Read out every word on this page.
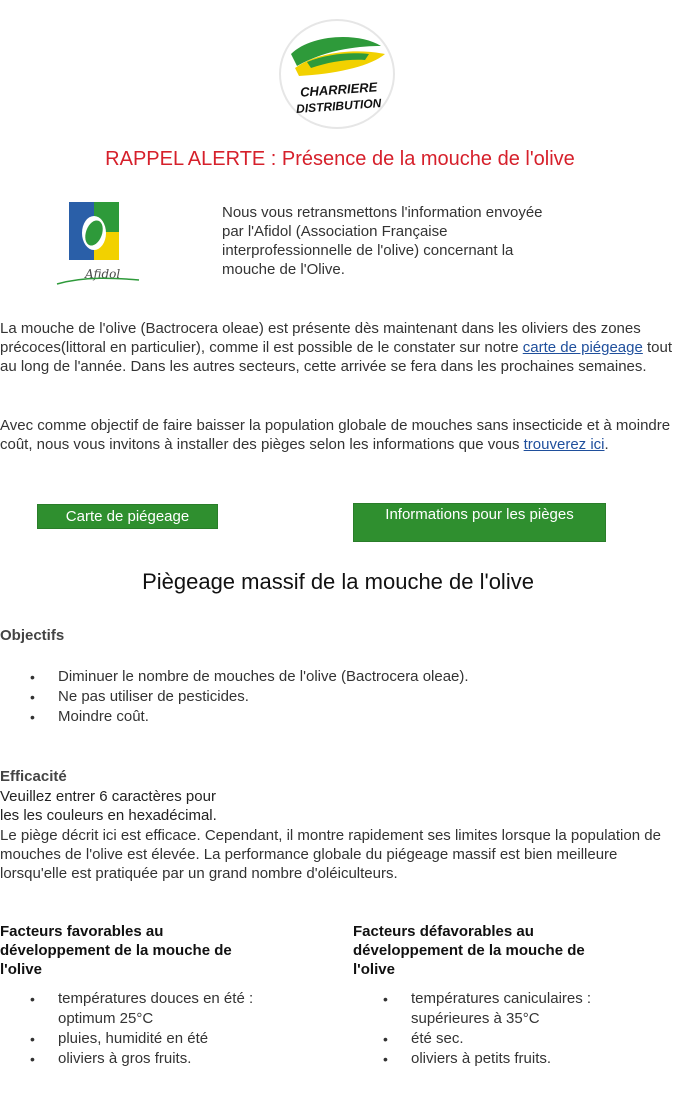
CHARRIERE
DISTRIBUTION
RAPPEL ALERTE : Présence de la mouche de l'olive
Afidol
Nous vous retransmettons l'information envoyée par l'Afidol (Association Française interprofessionnelle de l'olive) concernant la mouche de l'Olive.
La mouche de l'olive (Bactrocera oleae) est présente dès maintenant dans les oliviers des zones précoces(littoral en particulier), comme il est possible de le constater sur notre carte de piégeage tout au long de l'année. Dans les autres secteurs, cette arrivée se fera dans les prochaines semaines.
Avec comme objectif de faire baisser la population globale de mouches sans insecticide et à moindre coût, nous vous invitons à installer des pièges selon les informations que vous trouverez ici.
Carte de piégeage	Informations pour les pièges
Piègeage massif de la mouche de l'olive
Objectifs
• Diminuer le nombre de mouches de l'olive (Bactrocera oleae).
• Ne pas utiliser de pesticides.
• Moindre coût.
Efficacité
Veuillez entrer 6 caractères pour
les les couleurs en hexadécimal.
Le piège décrit ici est efficace. Cependant, il montre rapidement ses limites lorsque la population de mouches de l'olive est élevée. La performance globale du piégeage massif est bien meilleure lorsqu'elle est pratiquée par un grand nombre d'oléiculteurs.
Facteurs favorables au développement de la mouche de l'olive
• températures douces en été : optimum 25°C
• pluies, humidité en été
• oliviers à gros fruits.
Facteurs défavorables au développement de la mouche de l'olive
• températures caniculaires : supérieures à 35°C
• été sec.
• oliviers à petits fruits.
